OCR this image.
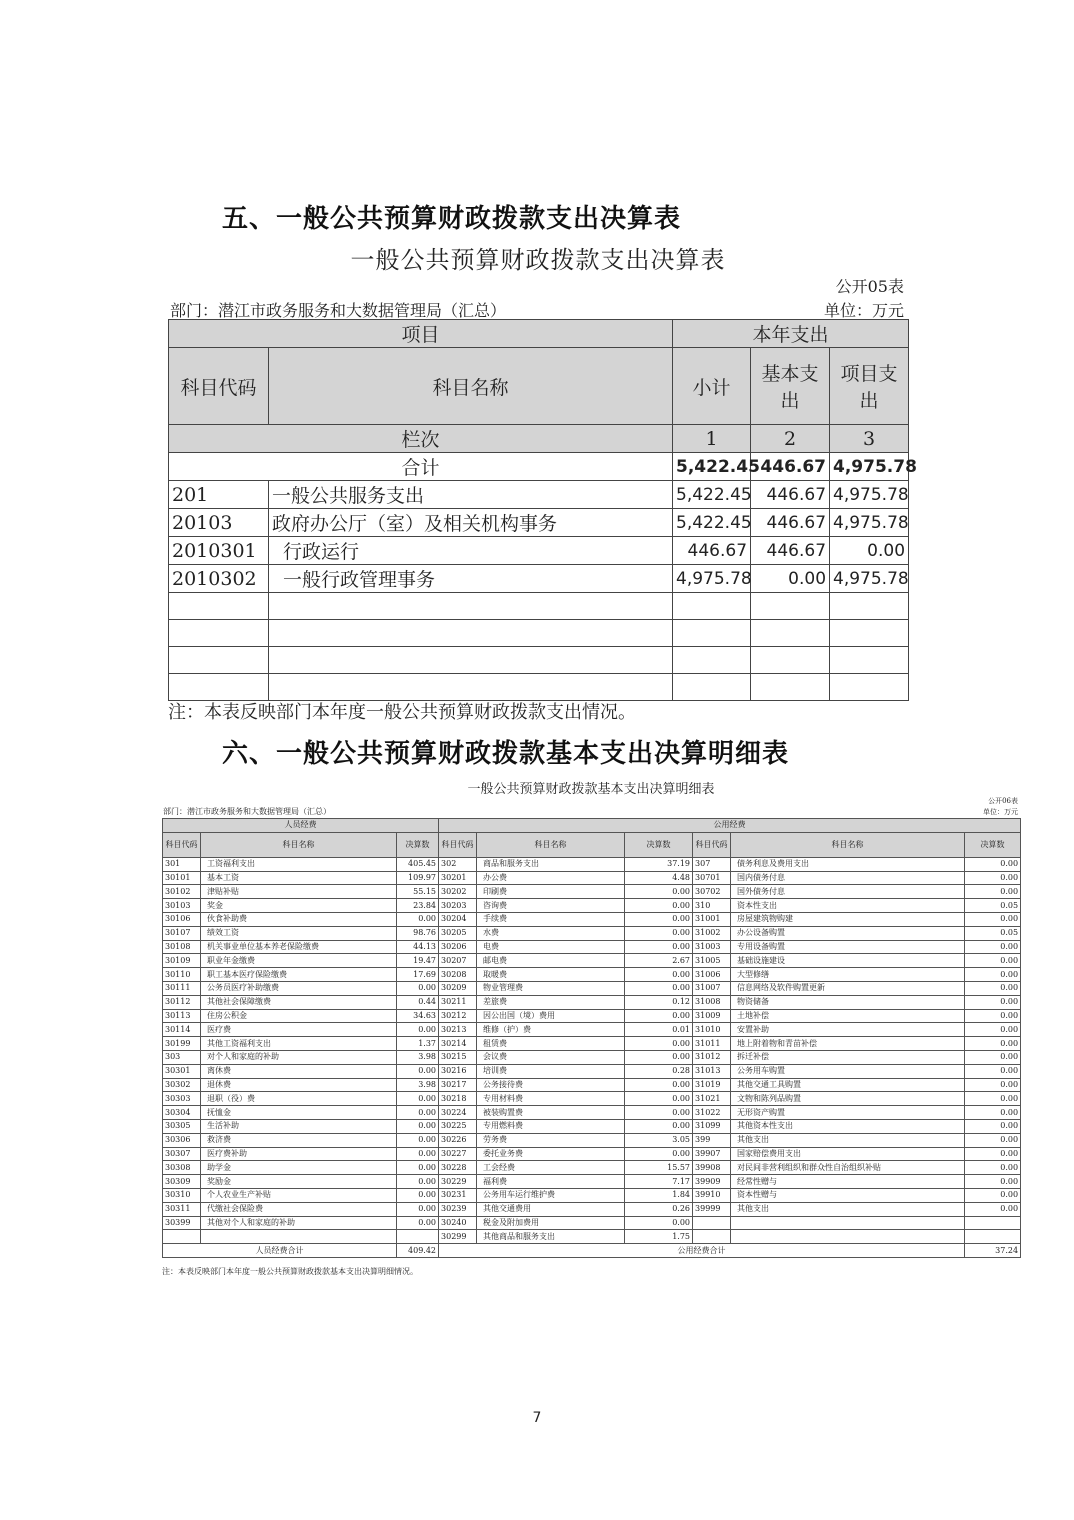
五、一般公共预算财政拨款支出决算表
一般公共预算财政拨款支出决算表
公开05表
部门：潜江市政务服务和大数据管理局（汇总）	单位：万元
项目		本年支出		
科目代码	科目名称	小计	基本支出	项目支出
栏次		1	2	3
合计		5,422.45	446.67	4,975.78
201	一般公共服务支出	5,422.45	446.67	4,975.78
20103	政府办公厅（室）及相关机构事务	5,422.45	446.67	4,975.78
2010301	行政运行	446.67	446.67	0.00
2010302	一般行政管理事务	4,975.78	0.00	4,975.78

注：本表反映部门本年度一般公共预算财政拨款支出情况。
六、一般公共预算财政拨款基本支出决算明细表
一般公共预算财政拨款基本支出决算明细表
公开06表
部门：潜江市政务服务和大数据管理局（汇总）	单位：万元
人员经费			公用经费					
科目代码	科目名称	决算数	科目代码	科目名称	决算数	科目代码	科目名称	决算数
301	工资福利支出	405.45	302	商品和服务支出	37.19	307	债务利息及费用支出	0.00
30101	基本工资	109.97	30201	办公费	4.48	30701	国内债务付息	0.00
30102	津贴补贴	55.15	30202	印刷费	0.00	30702	国外债务付息	0.00
30103	奖金	23.84	30203	咨询费	0.00	310	资本性支出	0.05
30106	伙食补助费	0.00	30204	手续费	0.00	31001	房屋建筑物购建	0.00
30107	绩效工资	98.76	30205	水费	0.00	31002	办公设备购置	0.05
30108	机关事业单位基本养老保险缴费	44.13	30206	电费	0.00	31003	专用设备购置	0.00
30109	职业年金缴费	19.47	30207	邮电费	2.67	31005	基础设施建设	0.00
30110	职工基本医疗保险缴费	17.69	30208	取暖费	0.00	31006	大型修缮	0.00
30111	公务员医疗补助缴费	0.00	30209	物业管理费	0.00	31007	信息网络及软件购置更新	0.00
30112	其他社会保障缴费	0.44	30211	差旅费	0.12	31008	物资储备	0.00
30113	住房公积金	34.63	30212	因公出国（境）费用	0.00	31009	土地补偿	0.00
30114	医疗费	0.00	30213	维修（护）费	0.01	31010	安置补助	0.00
30199	其他工资福利支出	1.37	30214	租赁费	0.00	31011	地上附着物和青苗补偿	0.00
303	对个人和家庭的补助	3.98	30215	会议费	0.00	31012	拆迁补偿	0.00
30301	离休费	0.00	30216	培训费	0.28	31013	公务用车购置	0.00
30302	退休费	3.98	30217	公务接待费	0.00	31019	其他交通工具购置	0.00
30303	退职（役）费	0.00	30218	专用材料费	0.00	31021	文物和陈列品购置	0.00
30304	抚恤金	0.00	30224	被装购置费	0.00	31022	无形资产购置	0.00
30305	生活补助	0.00	30225	专用燃料费	0.00	31099	其他资本性支出	0.00
30306	救济费	0.00	30226	劳务费	3.05	399	其他支出	0.00
30307	医疗费补助	0.00	30227	委托业务费	0.00	39907	国家赔偿费用支出	0.00
30308	助学金	0.00	30228	工会经费	15.57	39908	对民间非营利组织和群众性自治组织补贴	0.00
30309	奖励金	0.00	30229	福利费	7.17	39909	经常性赠与	0.00
30310	个人农业生产补贴	0.00	30231	公务用车运行维护费	1.84	39910	资本性赠与	0.00
30311	代缴社会保险费	0.00	30239	其他交通费用	0.26	39999	其他支出	0.00
30399	其他对个人和家庭的补助	0.00	30240	税金及附加费用	0.00			
			30299	其他商品和服务支出	1.75			
人员经费合计		409.42	公用经费合计					37.24
注：本表反映部门本年度一般公共预算财政拨款基本支出决算明细情况。
7
